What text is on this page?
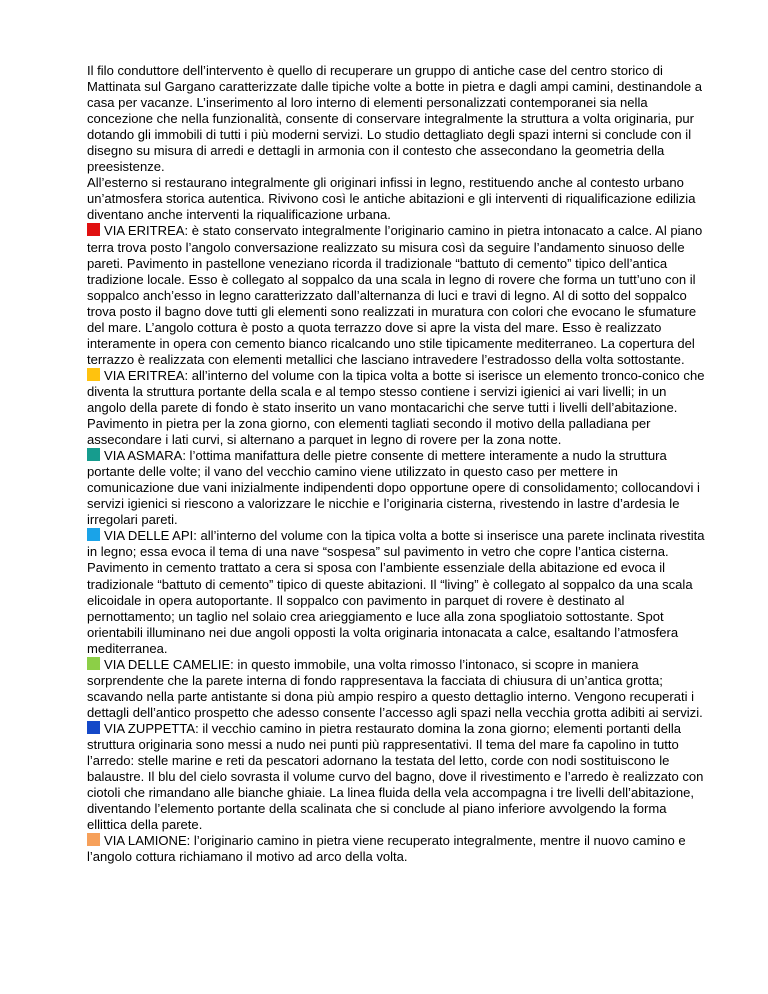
Il filo conduttore dell’intervento è quello di recuperare un gruppo di antiche case del centro storico di Mattinata sul Gargano caratterizzate dalle tipiche volte a botte in pietra e dagli ampi camini, destinandole a casa per vacanze. L’inserimento al loro interno di elementi personalizzati contemporanei sia nella concezione che nella funzionalità, consente di conservare integralmente la struttura a volta originaria, pur dotando gli immobili di tutti i più moderni servizi. Lo studio dettagliato degli spazi interni si conclude con il disegno su misura di arredi e dettagli in armonia con il contesto che assecondano la geometria della preesistenze.

All’esterno si restaurano integralmente gli originari infissi in legno, restituendo anche al contesto urbano un’atmosfera storica autentica. Rivivono così le antiche abitazioni e gli interventi di riqualificazione edilizia diventano anche interventi la riqualificazione urbana.

VIA ERITREA: è stato conservato integralmente l’originario camino in pietra intonacato a calce. Al piano terra trova posto l’angolo conversazione realizzato su misura così da seguire l’andamento sinuoso delle pareti. Pavimento in pastellone veneziano ricorda il tradizionale “battuto di cemento” tipico dell’antica tradizione locale. Esso è collegato al soppalco da una scala in legno di rovere che forma un tutt’uno con il soppalco anch’esso in legno caratterizzato dall’alternanza di luci e travi di legno. Al di sotto del soppalco trova posto il bagno dove tutti gli elementi sono realizzati in muratura con colori che evocano le sfumature del mare. L’angolo cottura è posto a quota terrazzo dove si apre la vista del mare. Esso è realizzato interamente in opera con cemento bianco ricalcando uno stile tipicamente mediterraneo. La copertura del terrazzo è realizzata con elementi metallici che lasciano intravedere l’estradosso della volta sottostante.

VIA ERITREA: all’interno del volume con la tipica volta a botte si iserisce un elemento tronco-conico che diventa la struttura portante della scala e al tempo stesso contiene i servizi igienici ai vari livelli; in un angolo della parete di fondo è stato inserito un vano montacarichi che serve tutti i livelli dell’abitazione. Pavimento in pietra per la zona giorno, con elementi tagliati secondo il motivo della palladiana per assecondare i lati curvi, si alternano a parquet in legno di rovere per la zona notte.

VIA ASMARA: l’ottima manifattura delle pietre consente di mettere interamente a nudo la struttura portante delle volte; il vano del vecchio camino viene utilizzato in questo caso per mettere in comunicazione due vani inizialmente indipendenti dopo opportune opere di consolidamento; collocandovi i servizi igienici si riescono a valorizzare le nicchie e l’originaria cisterna, rivestendo in lastre d’ardesia le irregolari pareti.

VIA DELLE API: all’interno del volume con la tipica volta a botte si inserisce una parete inclinata rivestita in legno; essa evoca il tema di una nave “sospesa” sul pavimento in vetro che copre l’antica cisterna. Pavimento in cemento trattato a cera si sposa con l’ambiente essenziale della abitazione ed evoca il tradizionale “battuto di cemento” tipico di queste abitazioni. Il “living” è collegato al soppalco da una scala elicoidale in opera autoportante. Il soppalco con pavimento in parquet di rovere è destinato al pernottamento; un taglio nel solaio crea arieggiamento e luce alla zona spogliatoio sottostante. Spot orientabili illuminano nei due angoli opposti la volta originaria intonacata a calce, esaltando l’atmosfera mediterranea.

VIA DELLE CAMELIE: in questo immobile, una volta rimosso l’intonaco, si scopre in maniera sorprendente che la parete interna di fondo rappresentava la facciata di chiusura di un’antica grotta; scavando nella parte antistante si dona più ampio respiro a questo dettaglio interno. Vengono recuperati i dettagli dell’antico prospetto che adesso consente l’accesso agli spazi nella vecchia grotta adibiti ai servizi.

VIA ZUPPETTA: il vecchio camino in pietra restaurato domina la zona giorno; elementi portanti della struttura originaria sono messi a nudo nei punti più rappresentativi. Il tema del mare fa capolino in tutto l’arredo: stelle marine e reti da pescatori adornano la testata del letto, corde con nodi sostituiscono le balaustre. Il blu del cielo sovrasta il volume curvo del bagno, dove il rivestimento e l’arredo è realizzato con ciotoli che rimandano alle bianche ghiaie. La linea fluida della vela accompagna i tre livelli dell’abitazione, diventando l’elemento portante della scalinata che si conclude al piano inferiore avvolgendo la forma ellittica della parete.

VIA LAMIONE: l’originario camino in pietra viene recuperato integralmente, mentre il nuovo camino e l’angolo cottura richiamano il motivo ad arco della volta.
